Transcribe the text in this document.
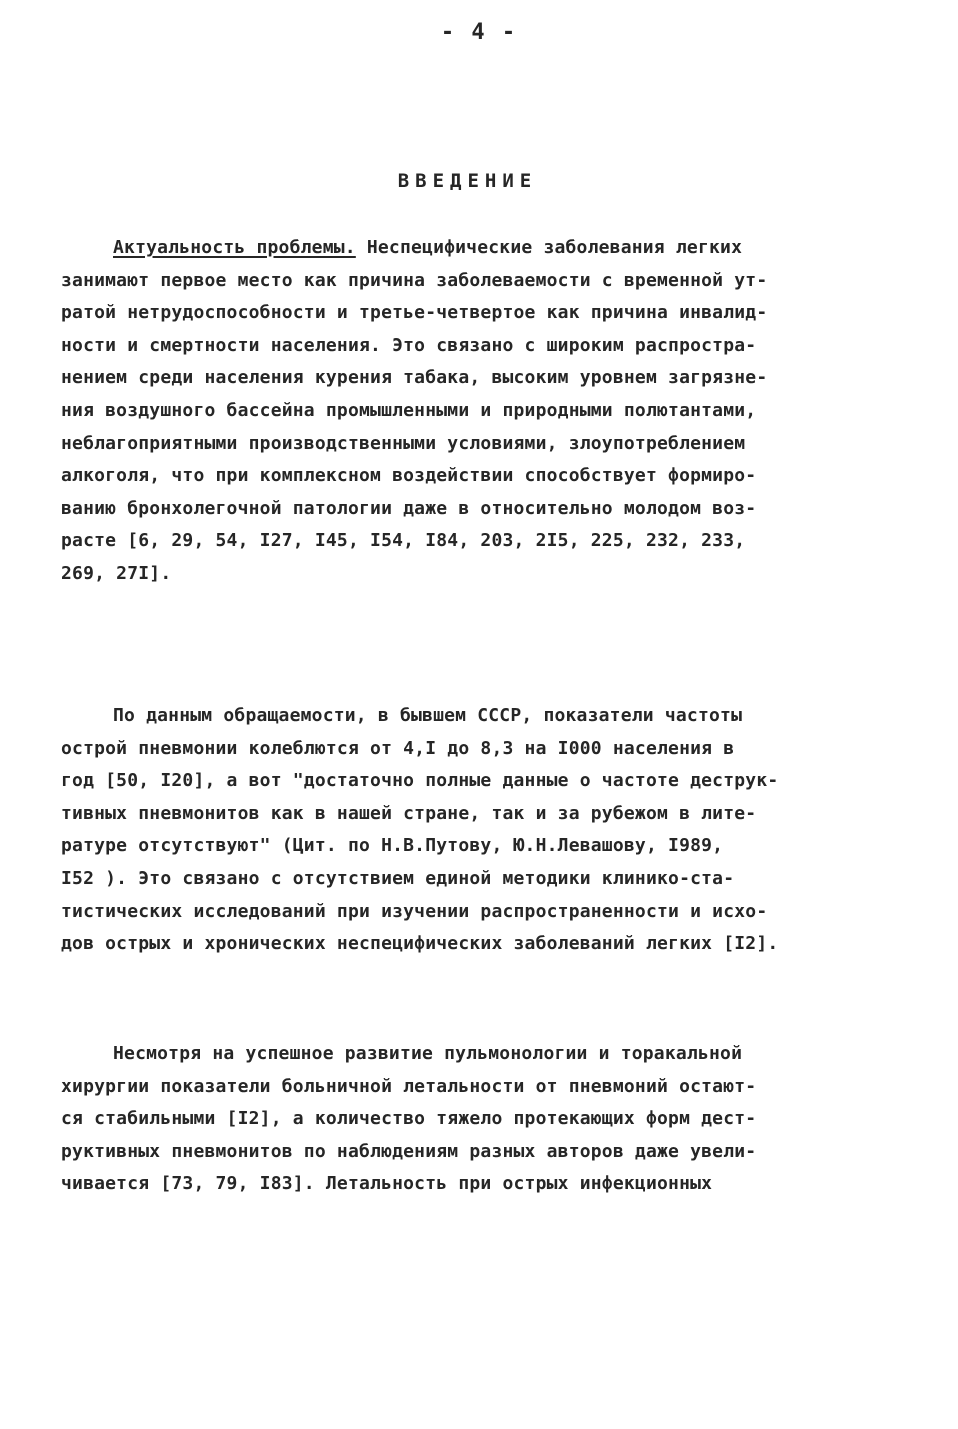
- 4 -
ВВЕДЕНИЕ
Актуальность проблемы. Неспецифические заболевания легких
занимают первое место как причина заболеваемости с временной ут-
ратой нетрудоспособности и третье-четвертое как причина инвалид-
ности и смертности населения. Это связано с широким распростра-
нением среди населения курения табака, высоким уровнем загрязне-
ния воздушного бассейна промышленными и природными полютантами,
неблагоприятными производственными условиями, злоупотреблением
алкоголя, что при комплексном воздействии способствует формиро-
ванию бронхолегочной патологии даже в относительно молодом воз-
расте [6, 29, 54, I27, I45, I54, I84, 203, 2I5, 225, 232, 233,
269, 27I].
По данным обращаемости, в бывшем СССР, показатели частоты
острой пневмонии колеблются от 4,I до 8,3 на I000 населения в
год [50, I20], а вот "достаточно полные данные о частоте деструк-
тивных пневмонитов как в нашей стране, так и за рубежом в лите-
ратуре отсутствуют" (Цит. по Н.В.Путову, Ю.Н.Левашову, I989,
I52 ). Это связано с отсутствием единой методики клинико-ста-
тистических исследований при изучении распространенности и исхо-
дов острых и хронических неспецифических заболеваний легких [I2].
Несмотря на успешное развитие пульмонологии и торакальной
хирургии показатели больничной летальности от пневмоний остают-
ся стабильными [I2], а количество тяжело протекающих форм дест-
руктивных пневмонитов по наблюдениям разных авторов даже увели-
чивается [73, 79, I83]. Летальность при острых инфекционных
